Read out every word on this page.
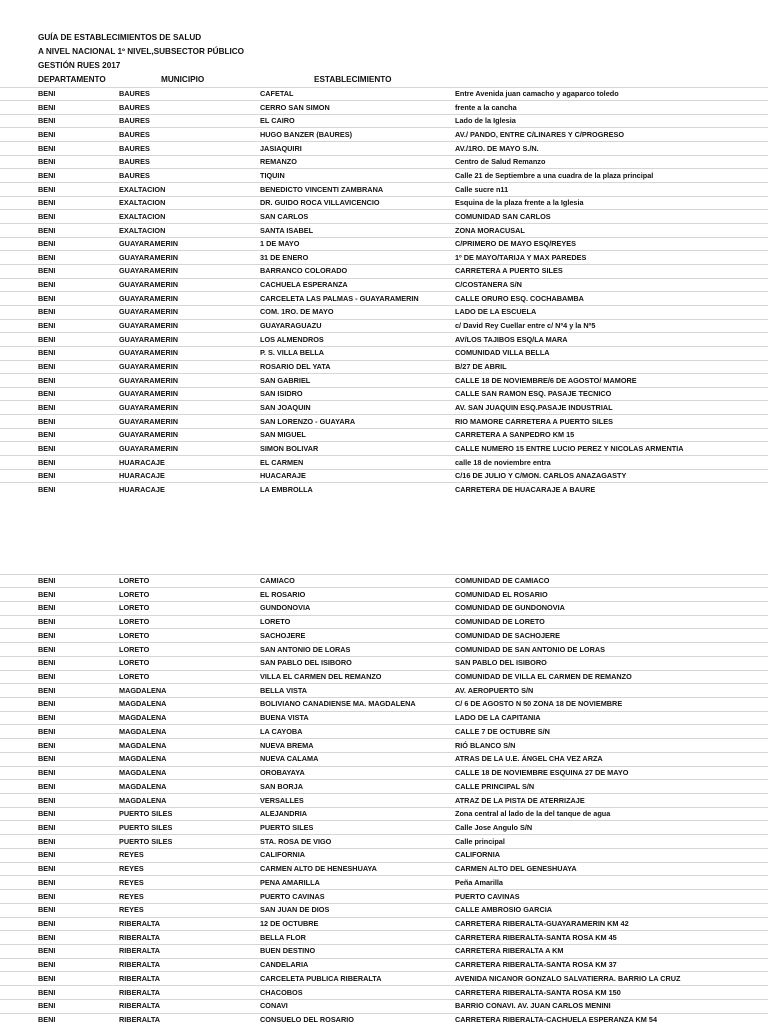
GUÍA DE ESTABLECIMIENTOS DE SALUD
A NIVEL NACIONAL 1º NIVEL,SUBSECTOR PÚBLICO
GESTIÓN RUES 2017
DEPARTAMENTO	MUNICIPIO	ESTABLECIMIENTO
BENI	BAURES	CAFETAL	Entre Avenida juan camacho y agaparco toledo
BENI	BAURES	CERRO SAN SIMON	frente a la cancha
BENI	BAURES	EL CAIRO	Lado de la Iglesia
BENI	BAURES	HUGO BANZER (BAURES)	AV./ PANDO, ENTRE C/LINARES Y C/PROGRESO
BENI	BAURES	JASIAQUIRI	AV./1RO. DE MAYO S./N.
BENI	BAURES	REMANZO	Centro de Salud Remanzo
BENI	BAURES	TIQUIN	Calle 21 de Septiembre a una cuadra de la plaza principal
BENI	EXALTACION	BENEDICTO VINCENTI ZAMBRANA	Calle sucre n11
BENI	EXALTACION	DR. GUIDO ROCA VILLAVICENCIO	Esquina de la plaza frente a la Iglesia
BENI	EXALTACION	SAN CARLOS	COMUNIDAD SAN CARLOS
BENI	EXALTACION	SANTA ISABEL	ZONA MORACUSAL
BENI	GUAYARAMERIN	1 DE MAYO	C/PRIMERO DE MAYO ESQ/REYES
BENI	GUAYARAMERIN	31 DE ENERO	1º DE MAYO/TARIJA Y MAX PAREDES
BENI	GUAYARAMERIN	BARRANCO COLORADO	CARRETERA A PUERTO SILES
BENI	GUAYARAMERIN	CACHUELA ESPERANZA	C/COSTANERA S/N
BENI	GUAYARAMERIN	CARCELETA LAS PALMAS - GUAYARAMERIN	CALLE ORURO ESQ. COCHABAMBA
BENI	GUAYARAMERIN	COM. 1RO. DE MAYO	LADO DE LA ESCUELA
BENI	GUAYARAMERIN	GUAYARAGUAZU	c/ David Rey Cuellar entre c/ Nº4 y la Nº5
BENI	GUAYARAMERIN	LOS ALMENDROS	AV/LOS TAJIBOS ESQ/LA MARA
BENI	GUAYARAMERIN	P. S. VILLA BELLA	COMUNIDAD VILLA BELLA
BENI	GUAYARAMERIN	ROSARIO DEL YATA	B/27 DE ABRIL
BENI	GUAYARAMERIN	SAN GABRIEL	CALLE 18 DE NOVIEMBRE/6 DE AGOSTO/ MAMORE
BENI	GUAYARAMERIN	SAN ISIDRO	CALLE SAN RAMON ESQ. PASAJE TECNICO
BENI	GUAYARAMERIN	SAN JOAQUIN	AV. SAN JUAQUIN ESQ.PASAJE INDUSTRIAL
BENI	GUAYARAMERIN	SAN LORENZO - GUAYARA	RIO MAMORE CARRETERA A PUERTO SILES
BENI	GUAYARAMERIN	SAN MIGUEL	CARRETERA A SANPEDRO KM 15
BENI	GUAYARAMERIN	SIMON BOLIVAR	CALLE NUMERO 15 ENTRE LUCIO PEREZ Y NICOLAS ARMENTIA
BENI	HUARACAJE	EL CARMEN	calle 18 de noviembre entra
BENI	HUARACAJE	HUACARAJE	C/16 DE JULIO Y C/MON. CARLOS ANAZAGASTY
BENI	HUARACAJE	LA EMBROLLA	CARRETERA DE HUACARAJE A BAURE
BENI	LORETO	CAMIACO	COMUNIDAD DE CAMIACO
BENI	LORETO	EL ROSARIO	COMUNIDAD EL ROSARIO
BENI	LORETO	GUNDONOVIA	COMUNIDAD DE GUNDONOVIA
BENI	LORETO	LORETO	COMUNIDAD DE LORETO
BENI	LORETO	SACHOJERE	COMUNIDAD DE SACHOJERE
BENI	LORETO	SAN ANTONIO DE LORAS	COMUNIDAD DE SAN ANTONIO DE LORAS
BENI	LORETO	SAN PABLO DEL ISIBORO	SAN PABLO DEL ISIBORO
BENI	LORETO	VILLA EL CARMEN DEL REMANZO	COMUNIDAD DE VILLA EL CARMEN DE REMANZO
BENI	MAGDALENA	BELLA VISTA	AV. AEROPUERTO S/N
BENI	MAGDALENA	BOLIVIANO CANADIENSE MA. MAGDALENA	C/ 6 DE AGOSTO N 50 ZONA 18 DE NOVIEMBRE
BENI	MAGDALENA	BUENA VISTA	LADO DE LA CAPITANIA
BENI	MAGDALENA	LA CAYOBA	CALLE 7 DE OCTUBRE S/N
BENI	MAGDALENA	NUEVA BREMA	RIÓ BLANCO S/N
BENI	MAGDALENA	NUEVA CALAMA	ATRAS DE LA U.E. ÁNGEL CHA VEZ ARZA
BENI	MAGDALENA	OROBAYAYA	CALLE 18 DE NOVIEMBRE ESQUINA 27 DE MAYO
BENI	MAGDALENA	SAN BORJA	CALLE PRINCIPAL S/N
BENI	MAGDALENA	VERSALLES	ATRAZ DE LA PISTA DE ATERRIZAJE
BENI	PUERTO SILES	ALEJANDRIA	Zona central al lado de la del tanque de agua
BENI	PUERTO SILES	PUERTO SILES	Calle Jose Angulo S/N
BENI	PUERTO SILES	STA. ROSA DE VIGO	Calle principal
BENI	REYES	CALIFORNIA	CALIFORNIA
BENI	REYES	CARMEN ALTO DE HENESHUAYA	CARMEN ALTO DEL GENESHUAYA
BENI	REYES	PENA AMARILLA	Peña Amarilla
BENI	REYES	PUERTO CAVINAS	PUERTO CAVINAS
BENI	REYES	SAN JUAN DE DIOS	CALLE AMBROSIO GARCIA
BENI	RIBERALTA	12 DE OCTUBRE	CARRETERA RIBERALTA-GUAYARAMERIN KM 42
BENI	RIBERALTA	BELLA FLOR	CARRETERA RIBERALTA-SANTA ROSA KM 45
BENI	RIBERALTA	BUEN DESTINO	CARRETERA RIBERALTA A KM
BENI	RIBERALTA	CANDELARIA	CARRETERA RIBERALTA-SANTA ROSA KM 37
BENI	RIBERALTA	CARCELETA PUBLICA RIBERALTA	AVENIDA NICANOR GONZALO SALVATIERRA. BARRIO LA CRUZ
BENI	RIBERALTA	CHACOBOS	CARRETERA RIBERALTA-SANTA ROSA KM 150
BENI	RIBERALTA	CONAVI	BARRIO CONAVI. AV. JUAN CARLOS MENINI
BENI	RIBERALTA	CONSUELO DEL ROSARIO	CARRETERA RIBERALTA-CACHUELA ESPERANZA KM 54
